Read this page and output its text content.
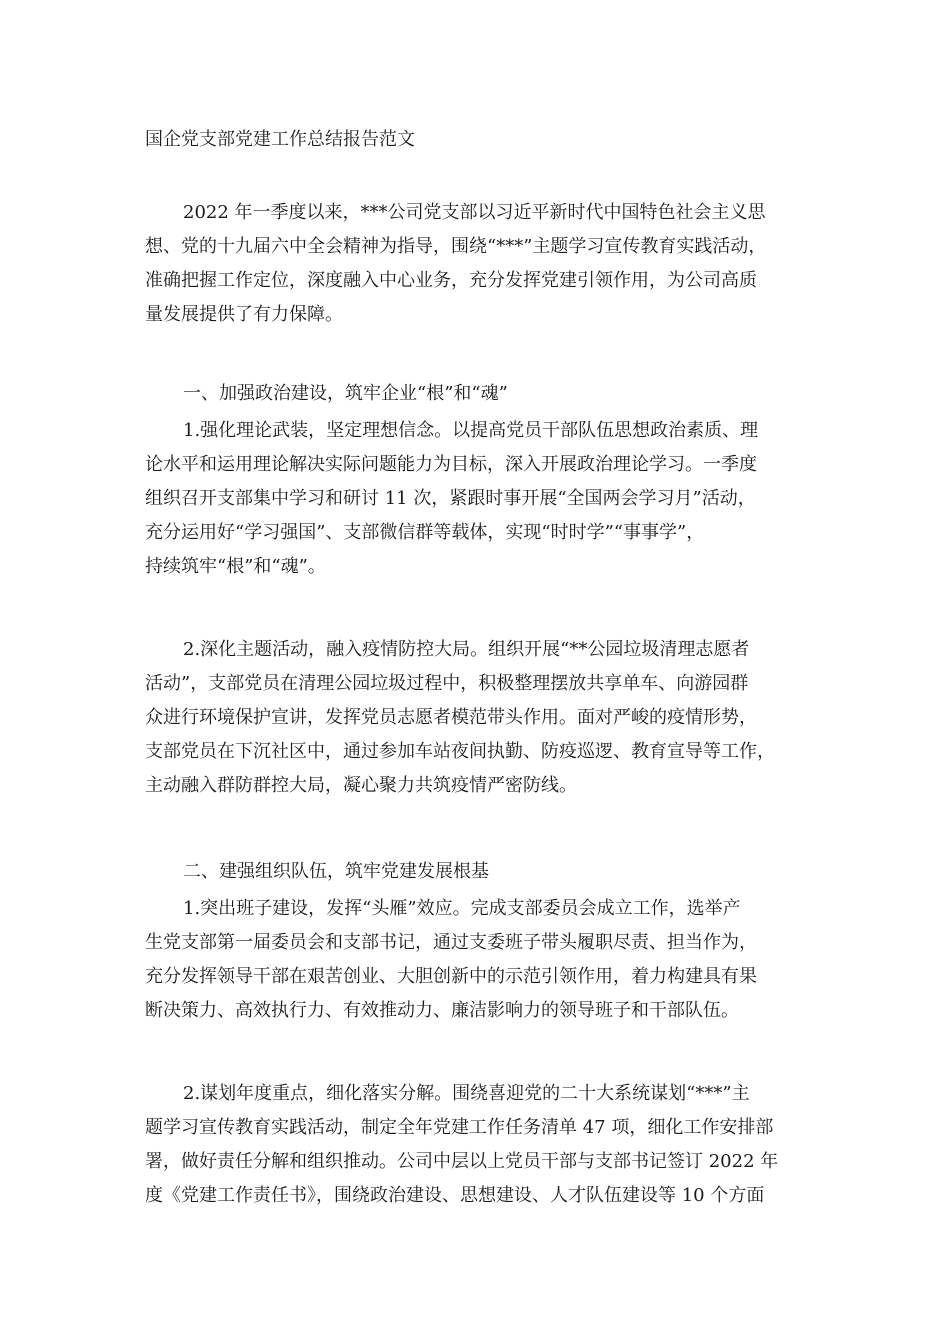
国企党支部党建工作总结报告范文
2022 年一季度以来，***公司党支部以习近平新时代中国特色社会主义思
想、党的十九届六中全会精神为指导，围绕“***”主题学习宣传教育实践活动，
准确把握工作定位，深度融入中心业务，充分发挥党建引领作用，为公司高质
量发展提供了有力保障。
一、加强政治建设，筑牢企业“根”和“魂”
1.强化理论武装，坚定理想信念。以提高党员干部队伍思想政治素质、理
论水平和运用理论解决实际问题能力为目标，深入开展政治理论学习。一季度
组织召开支部集中学习和研讨 11 次，紧跟时事开展“全国两会学习月”活动，
充分运用好“学习强国”、支部微信群等载体，实现“时时学”“事事学”，
持续筑牢“根”和“魂”。
2.深化主题活动，融入疫情防控大局。组织开展“**公园垃圾清理志愿者
活动”，支部党员在清理公园垃圾过程中，积极整理摆放共享单车、向游园群
众进行环境保护宣讲，发挥党员志愿者模范带头作用。面对严峻的疫情形势，
支部党员在下沉社区中，通过参加车站夜间执勤、防疫巡逻、教育宣导等工作，
主动融入群防群控大局，凝心聚力共筑疫情严密防线。
二、建强组织队伍，筑牢党建发展根基
1.突出班子建设，发挥“头雁”效应。完成支部委员会成立工作，选举产
生党支部第一届委员会和支部书记，通过支委班子带头履职尽责、担当作为，
充分发挥领导干部在艰苦创业、大胆创新中的示范引领作用，着力构建具有果
断决策力、高效执行力、有效推动力、廉洁影响力的领导班子和干部队伍。
2.谋划年度重点，细化落实分解。围绕喜迎党的二十大系统谋划“***”主
题学习宣传教育实践活动，制定全年党建工作任务清单 47 项，细化工作安排部
署，做好责任分解和组织推动。公司中层以上党员干部与支部书记签订 2022 年
度《党建工作责任书》，围绕政治建设、思想建设、人才队伍建设等 10 个方面
